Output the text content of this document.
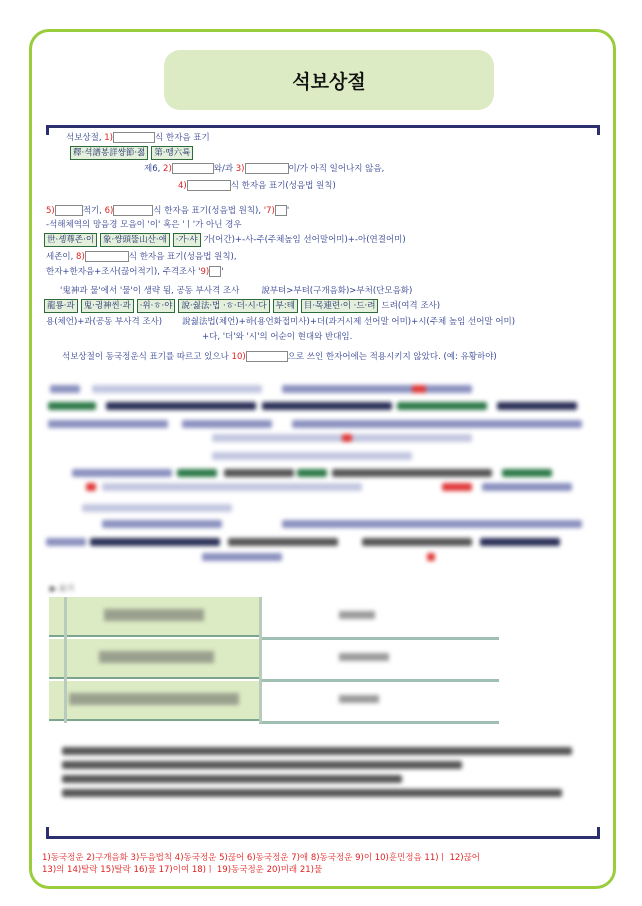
석보상절
석보상절, 1)	식 한자음 표기
釋·셕譜봉詳썅節·졇 第·뗑六륙
제6, 2)	와/과 3)	이/가 아직 일어나지 않음,
4)	식 한자음 표기(성음법 원칙)
5)	적기, 6)	식 한자음 표기(성음법 원칙), '7) '
-석해체역의 망음경 모음이 '이' 혹은 'ㅣ'가 아닌 경우
世·솅尊존·이 象·썅頭뚤山산·애 ·가·샤 가(어간)+-사-주(주체높임 선어말어미)+-아(연결어미)
세존이, 8)	식 한자음 표기(성음법 원칙),
한자+한자음+조사(끊어적기), 주격조사 '9) '
'鬼神과 물'에서 '물'이 생략 됨, 공동 부사격 조사	說부텨>부텨(구개음화)>부처(단모음화)
龍룡·과 鬼·귕神씬·과 ·위·ㅎ·야 說·쉃法·법 ·ㅎ·더·시·다 부:톄 目·목連련·이 ·드·려 드려(여격 조사)
용(체언)+과(공동 부사격 조사) 說쉃法법(체언)+하(용언화접미사)+더(과거시제 선어말 어미)+시(주체 높임 선어말 어미)
+다, '더'와 '시'의 어순이 현대와 반대임.
석보상절이 동국정운식 표기를 따르고 있으나 10)	으로 쓰인 한자어에는 적용시키지 않았다. (예: 유황하야)
▶ 표기
1)동국정운 2)구개음화 3)두음법칙 4)동국정운 5)끊어 6)동국정운 7)애 8)동국정운 9)이 10)훈민정음 11)ㅣ 12)끊어
13)의 14)탈락 15)탈락 16)물 17)이여 18)ㅣ 19)동국정운 20)미래 21)물
